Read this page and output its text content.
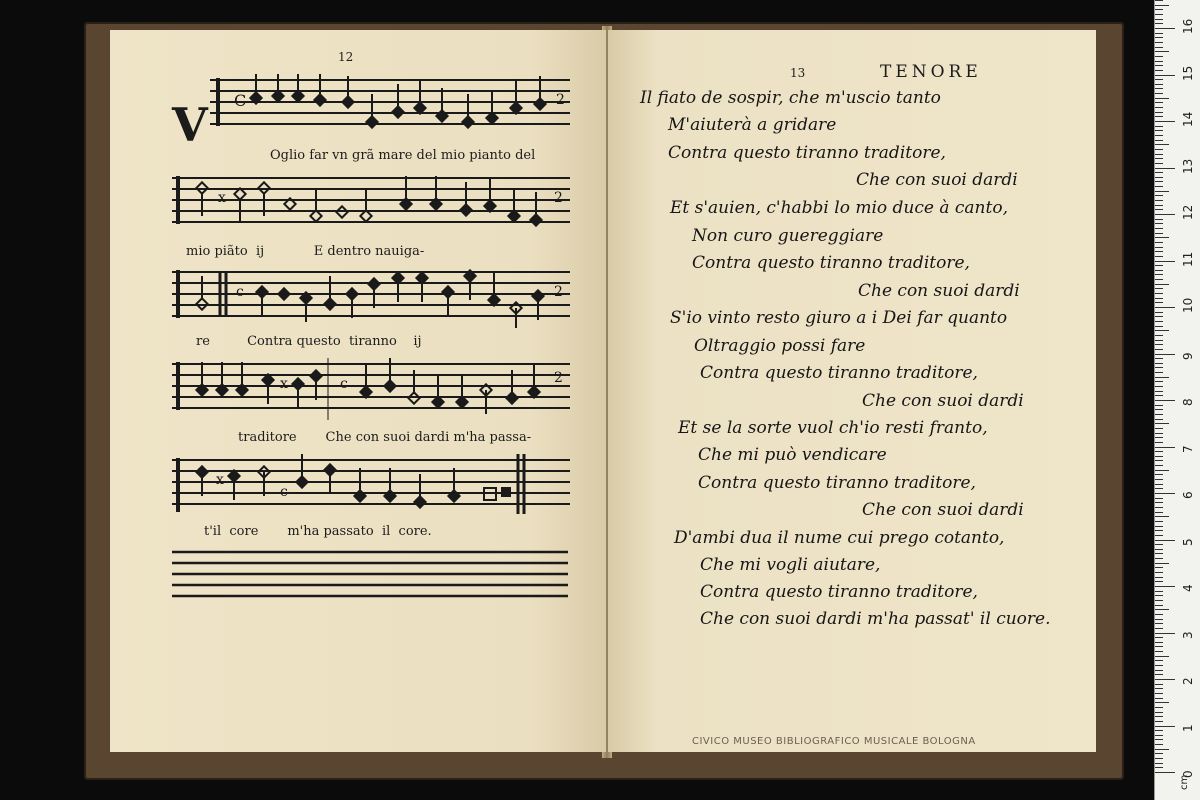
12
V C	2
Oglio far vn grã mare del mio pianto del
x	2
mio piãto  ij            E dentro nauiga-
c	2
re         Contra questo  tiranno    ij
x	c	2
traditore       Che con suoi dardi m'ha passa-
x
c
t'il  core       m'ha passato  il  core.
13	TENORE
Il fiato de sospir, che m'uscio tanto
M'aiuterà a gridare
Contra questo tiranno traditore,
Che con suoi dardi
Et s'auien, c'habbi lo mio duce à canto,
Non curo guereggiare
Contra questo tiranno traditore,
Che con suoi dardi
S'io vinto resto giuro a i Dei far quanto
Oltraggio possi fare
Contra questo tiranno traditore,
Che con suoi dardi
Et se la sorte vuol ch'io resti franto,
Che mi può vendicare
Contra questo tiranno traditore,
Che con suoi dardi
D'ambi dua il nume cui prego cotanto,
Che mi vogli aiutare,
Contra questo tiranno traditore,
Che con suoi dardi m'ha passat' il cuore.
CIVICO MUSEO BIBLIOGRAFICO MUSICALE BOLOGNA
cm
0
1
2
3
4
5
6
7
8
9
10
11
12
13
14
15
16
